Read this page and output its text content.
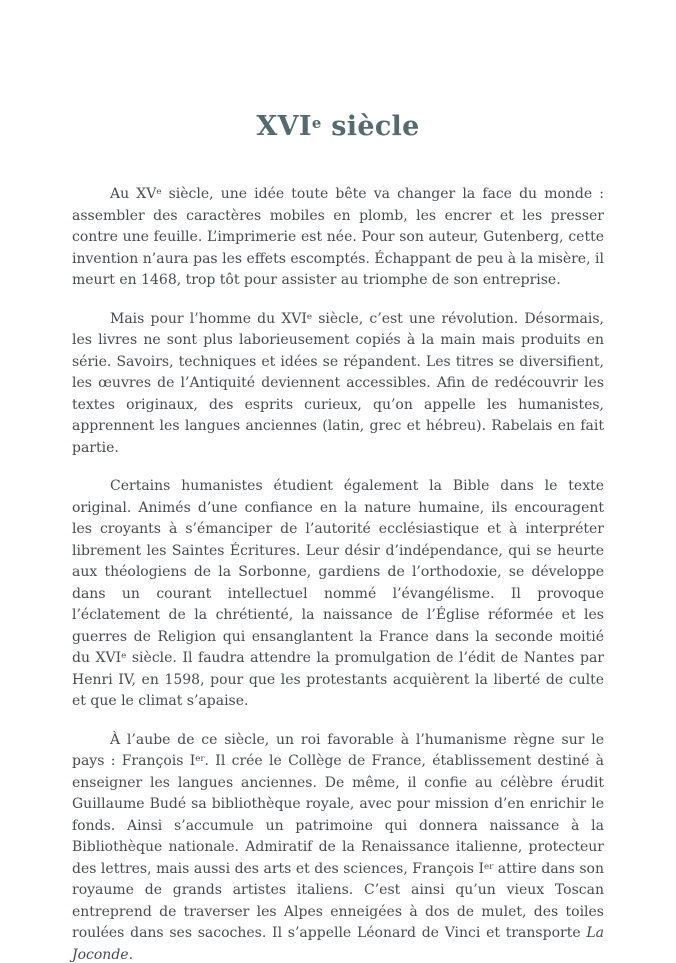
XVIe siècle

Au XVe siècle, une idée toute bête va changer la face du monde : assembler des caractères mobiles en plomb, les encrer et les presser contre une feuille. L’imprimerie est née. Pour son auteur, Gutenberg, cette invention n’aura pas les effets escomptés. Échappant de peu à la misère, il meurt en 1468, trop tôt pour assister au triomphe de son entreprise.

Mais pour l’homme du XVIe siècle, c’est une révolution. Désormais, les livres ne sont plus laborieusement copiés à la main mais produits en série. Savoirs, techniques et idées se répandent. Les titres se diversifient, les œuvres de l’Antiquité deviennent accessibles. Afin de redécouvrir les textes originaux, des esprits curieux, qu’on appelle les humanistes, apprennent les langues anciennes (latin, grec et hébreu). Rabelais en fait partie.

Certains humanistes étudient également la Bible dans le texte original. Animés d’une confiance en la nature humaine, ils encouragent les croyants à s’émanciper de l’autorité ecclésiastique et à interpréter librement les Saintes Écritures. Leur désir d’indépendance, qui se heurte aux théologiens de la Sorbonne, gardiens de l’orthodoxie, se développe dans un courant intellectuel nommé l’évangélisme. Il provoque l’éclatement de la chrétienté, la naissance de l’Église réformée et les guerres de Religion qui ensanglantent la France dans la seconde moitié du XVIe siècle. Il faudra attendre la promulgation de l’édit de Nantes par Henri IV, en 1598, pour que les protestants acquièrent la liberté de culte et que le climat s’apaise.

À l’aube de ce siècle, un roi favorable à l’humanisme règne sur le pays : François Ier. Il crée le Collège de France, établissement destiné à enseigner les langues anciennes. De même, il confie au célèbre érudit Guillaume Budé sa bibliothèque royale, avec pour mission d’en enrichir le fonds. Ainsi s’accumule un patrimoine qui donnera naissance à la Bibliothèque nationale. Admiratif de la Renaissance italienne, protecteur des lettres, mais aussi des arts et des sciences, François Ier attire dans son royaume de grands artistes italiens. C’est ainsi qu’un vieux Toscan entreprend de traverser les Alpes enneigées à dos de mulet, des toiles roulées dans ses sacoches. Il s’appelle Léonard de Vinci et transporte La Joconde.
